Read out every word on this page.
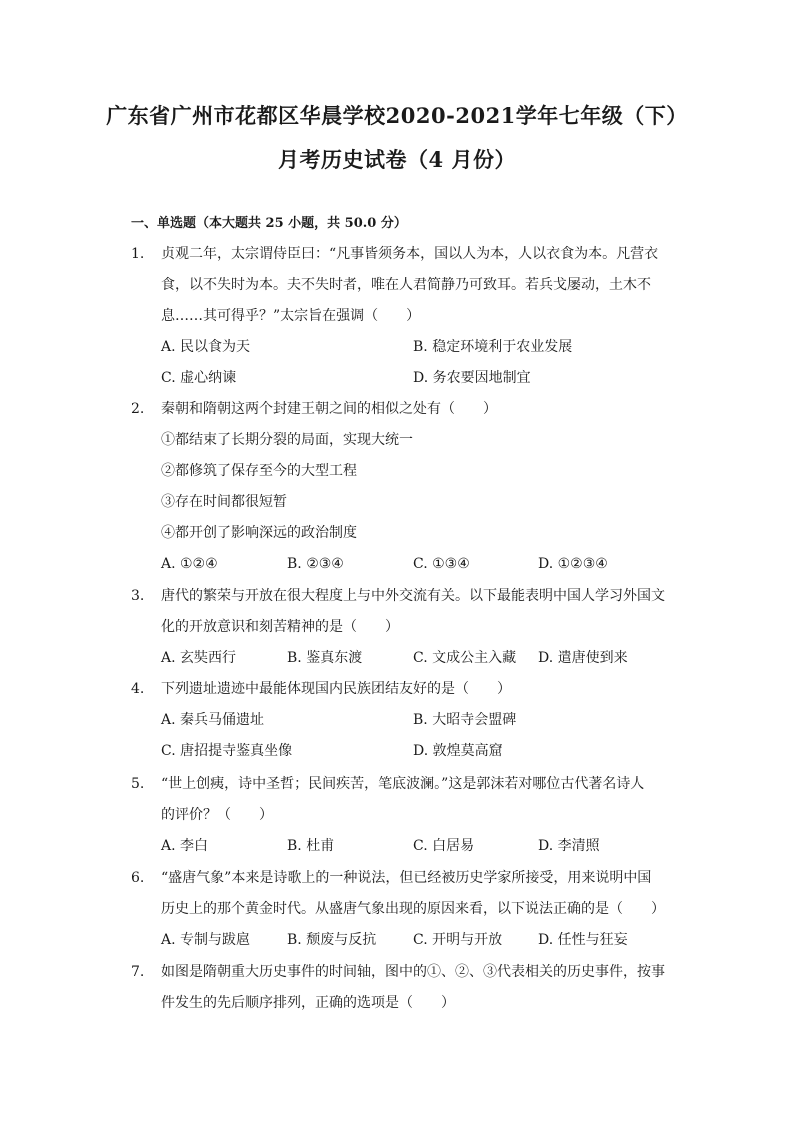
广东省广州市花都区华晨学校2020-2021学年七年级（下）
月考历史试卷（4 月份）
一、单选题（本大题共 25 小题，共 50.0 分）
1.	贞观二年，太宗谓侍臣曰：“凡事皆须务本，国以人为本，人以衣食为本。凡营衣
食，以不失时为本。夫不失时者，唯在人君简静乃可致耳。若兵戈屡动，土木不
息……其可得乎？”太宗旨在强调（　　）
A. 民以食为天	B. 稳定环境利于农业发展
C. 虚心纳谏	D. 务农要因地制宜
2.	秦朝和隋朝这两个封建王朝之间的相似之处有（　　）
①都结束了长期分裂的局面，实现大统一
②都修筑了保存至今的大型工程
③存在时间都很短暂
④都开创了影响深远的政治制度
A. ①②④	B. ②③④	C. ①③④	D. ①②③④
3.	唐代的繁荣与开放在很大程度上与中外交流有关。以下最能表明中国人学习外国文
化的开放意识和刻苦精神的是（　　）
A. 玄奘西行	B. 鉴真东渡	C. 文成公主入藏 D. 遣唐使到来
4.	下列遗址遗迹中最能体现国内民族团结友好的是（　　）
A. 秦兵马俑遗址	B. 大昭寺会盟碑
C. 唐招提寺鉴真坐像	D. 敦煌莫高窟
5.	“世上创痍，诗中圣哲；民间疾苦，笔底波澜。”这是郭沫若对哪位古代著名诗人
的评价？（　　）
A. 李白	B. 杜甫	C. 白居易	D. 李清照
6.	“盛唐气象”本来是诗歌上的一种说法，但已经被历史学家所接受，用来说明中国
历史上的那个黄金时代。从盛唐气象出现的原因来看，以下说法正确的是（　　）
A. 专制与跋扈	B. 颓废与反抗	C. 开明与开放	D. 任性与狂妄
7.	如图是隋朝重大历史事件的时间轴，图中的①、②、③代表相关的历史事件，按事
件发生的先后顺序排列，正确的选项是（　　）
